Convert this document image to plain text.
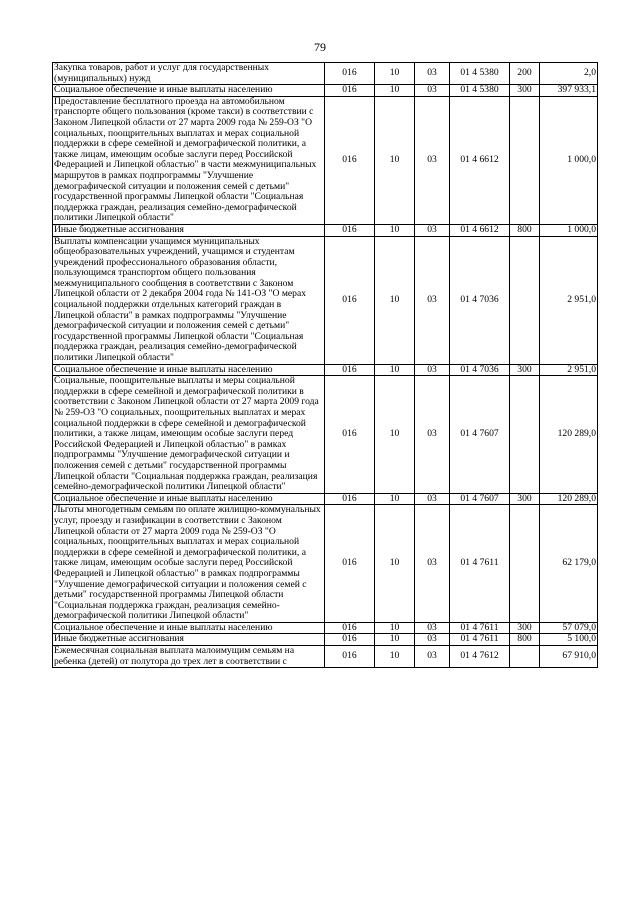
79
Закупка товаров, работ и услуг для государственных (муниципальных) нужд	016	10	03	01 4 5380	200	2,0
Социальное обеспечение и иные выплаты населению	016	10	03	01 4 5380	300	397 933,1
Предоставление бесплатного проезда на автомобильном транспорте общего пользования (кроме такси) в соответствии с Законом Липецкой области от 27 марта 2009 года № 259-ОЗ "О социальных, поощрительных выплатах и мерах социальной поддержки в сфере семейной и демографической политики, а также лицам, имеющим особые заслуги перед Российской Федерацией и Липецкой областью" в части межмуниципальных маршрутов в рамках подпрограммы "Улучшение демографической ситуации и положения семей с детьми" государственной программы Липецкой области "Социальная поддержка граждан, реализация семейно-демографической политики Липецкой области"	016	10	03	01 4 6612		1 000,0
Иные бюджетные ассигнования	016	10	03	01 4 6612	800	1 000,0
Выплаты компенсации учащимся муниципальных общеобразовательных учреждений, учащимся и студентам учреждений профессионального образования области, пользующимся транспортом общего пользования межмуниципального сообщения в соответствии с Законом Липецкой области от 2 декабря 2004 года № 141-ОЗ "О мерах социальной поддержки отдельных категорий граждан в Липецкой области" в рамках подпрограммы "Улучшение демографической ситуации и положения семей с детьми" государственной программы Липецкой области "Социальная поддержка граждан, реализация семейно-демографической политики Липецкой области"	016	10	03	01 4 7036		2 951,0
Социальное обеспечение и иные выплаты населению	016	10	03	01 4 7036	300	2 951,0
Социальные, поощрительные выплаты и меры социальной поддержки в сфере семейной и демографической политики в соответствии с Законом Липецкой области от 27 марта 2009 года № 259-ОЗ "О социальных, поощрительных выплатах и мерах социальной поддержки в сфере семейной и демографической политики, а также лицам, имеющим особые заслуги перед Российской Федерацией и Липецкой областью" в рамках подпрограммы "Улучшение демографической ситуации и положения семей с детьми" государственной программы Липецкой области "Социальная поддержка граждан, реализация семейно-демографической политики Липецкой области"	016	10	03	01 4 7607		120 289,0
Социальное обеспечение и иные выплаты населению	016	10	03	01 4 7607	300	120 289,0
Льготы многодетным семьям по оплате жилищно-коммунальных услуг, проезду и газификации в соответствии с Законом Липецкой области от 27 марта 2009 года № 259-ОЗ "О социальных, поощрительных выплатах и мерах социальной поддержки в сфере семейной и демографической политики, а также лицам, имеющим особые заслуги перед Российской Федерацией и Липецкой областью" в рамках подпрограммы "Улучшение демографической ситуации и положения семей с детьми" государственной программы Липецкой области "Социальная поддержка граждан, реализация семейно-демографической политики Липецкой области"	016	10	03	01 4 7611		62 179,0
Социальное обеспечение и иные выплаты населению	016	10	03	01 4 7611	300	57 079,0
Иные бюджетные ассигнования	016	10	03	01 4 7611	800	5 100,0
Ежемесячная социальная выплата малоимущим семьям на ребенка (детей) от полутора до трех лет в соответствии с	016	10	03	01 4 7612		67 910,0
